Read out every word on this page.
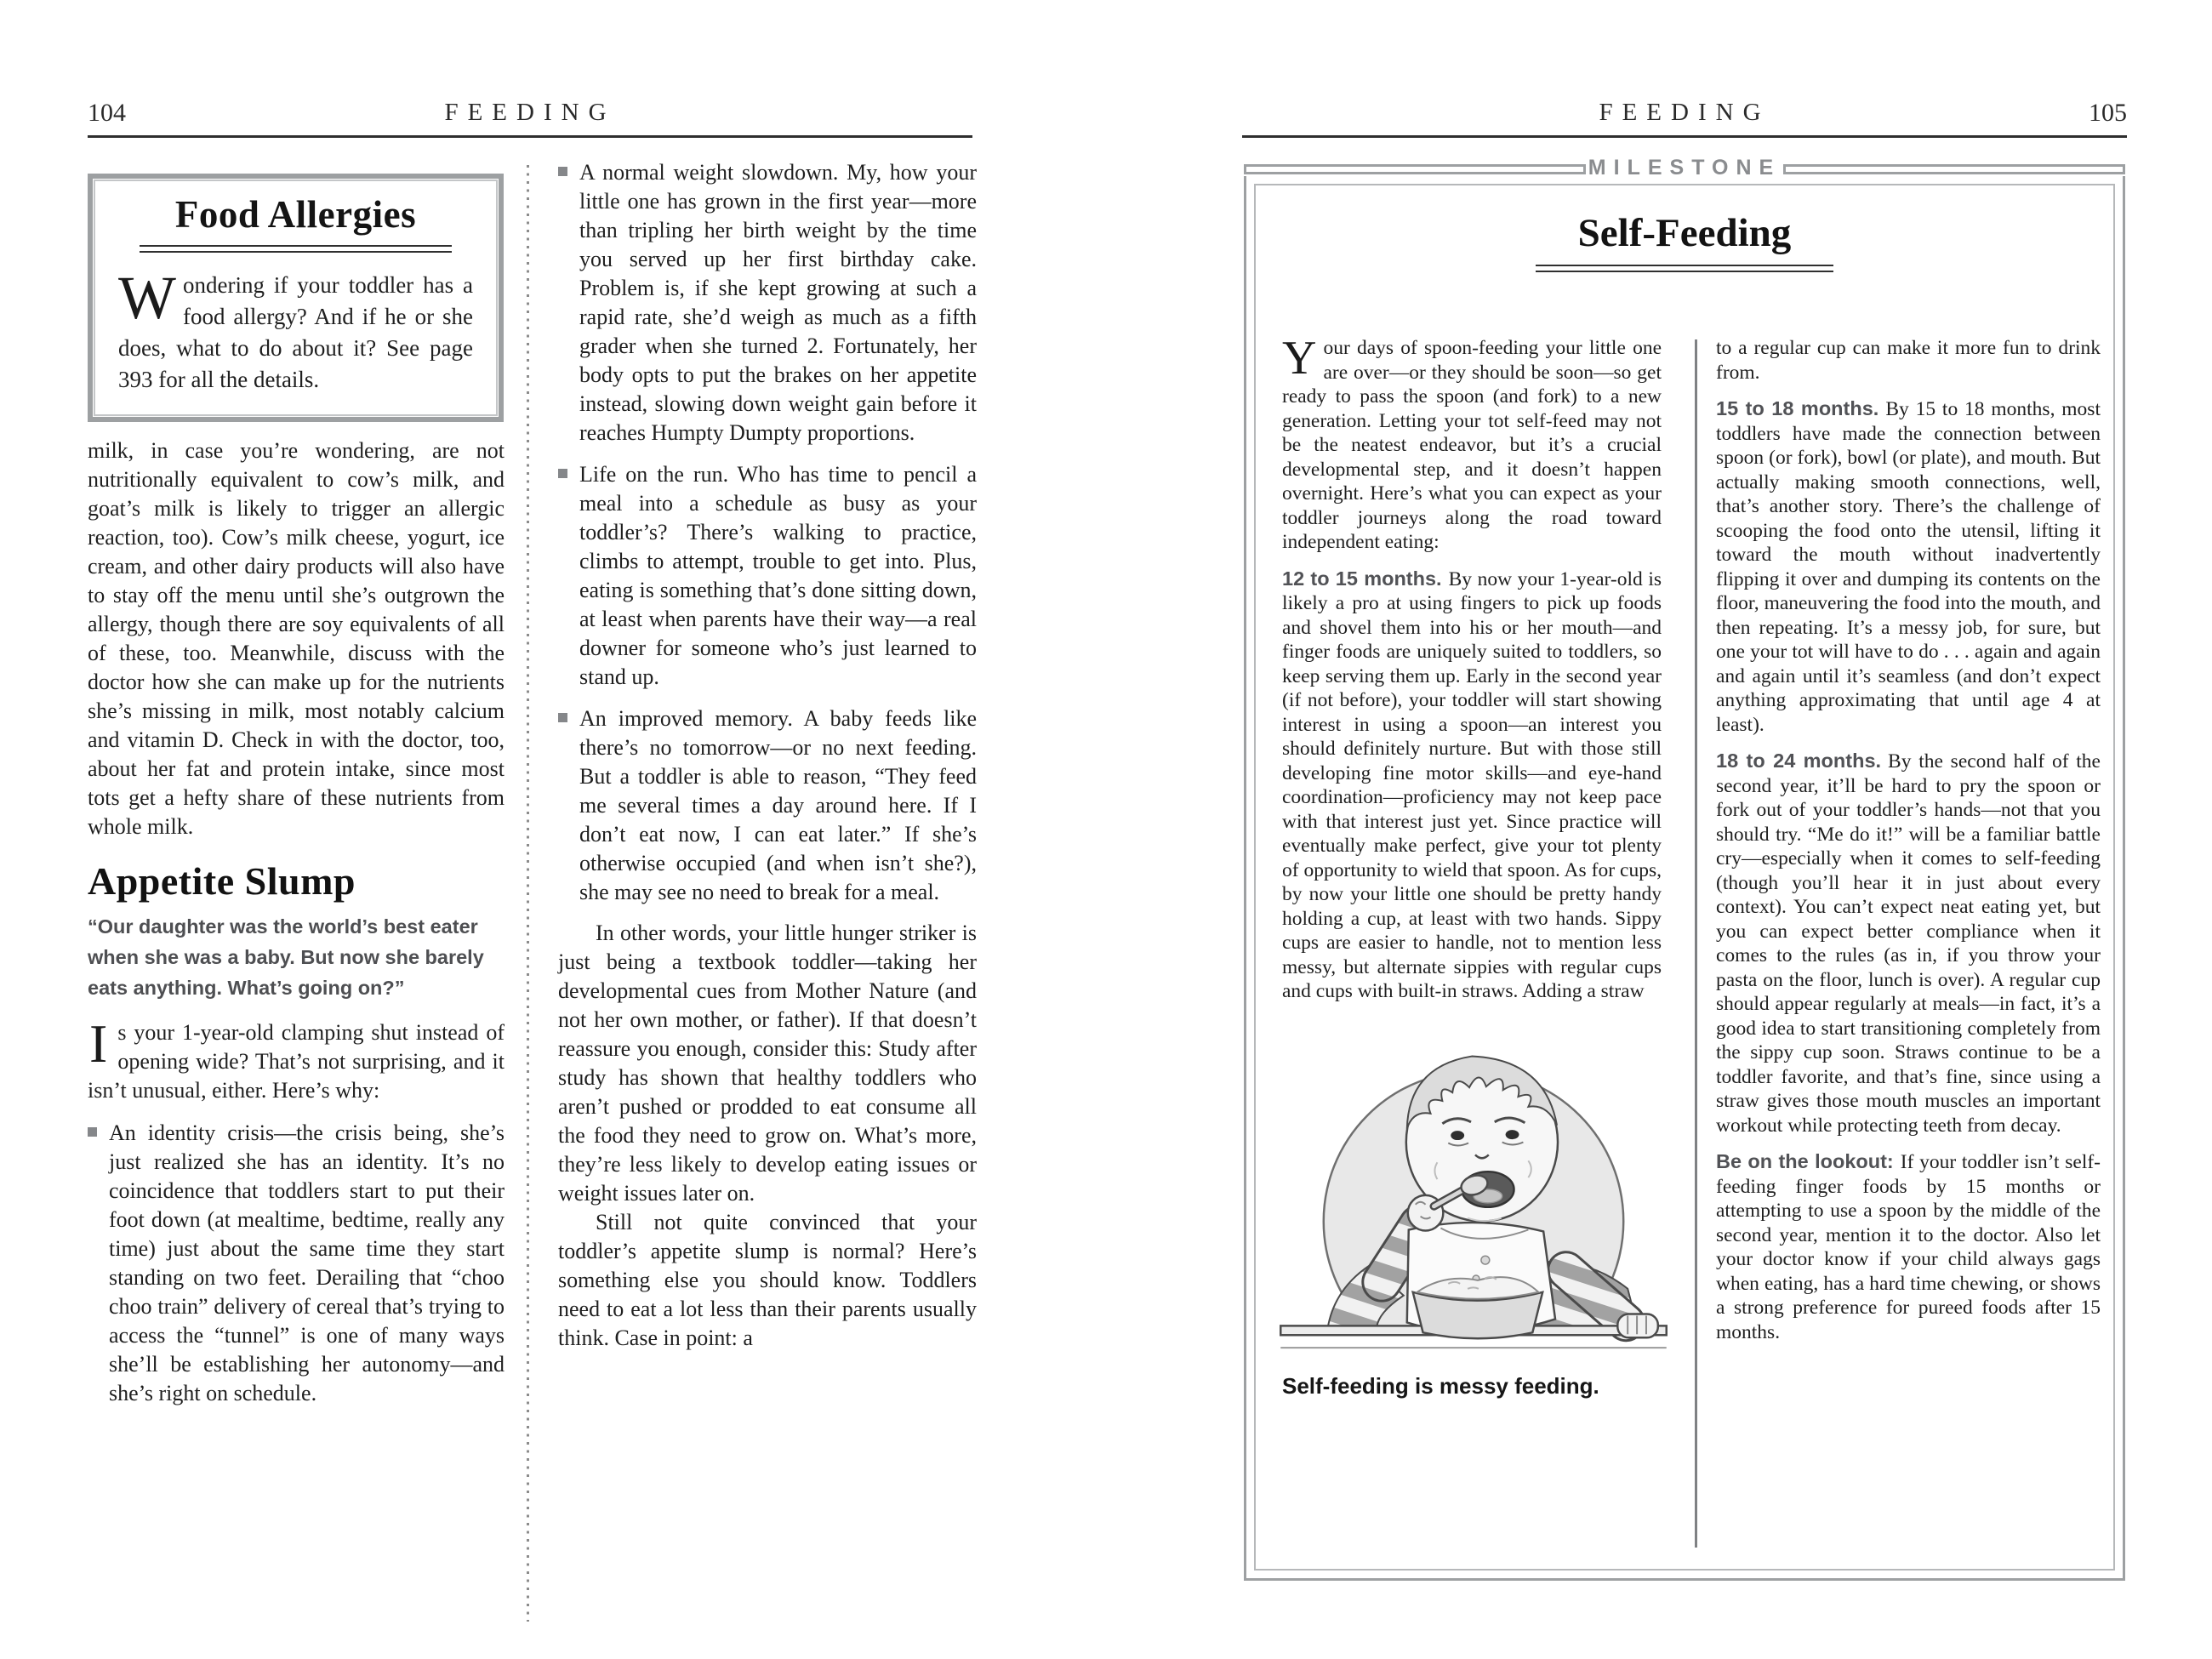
104	FEEDING
Food Allergies

Wondering if your toddler has a food allergy? And if he or she does, what to do about it? See page 393 for all the details.

milk, in case you’re wondering, are not nutritionally equivalent to cow’s milk, and goat’s milk is likely to trigger an allergic reaction, too). Cow’s milk cheese, yogurt, ice cream, and other dairy products will also have to stay off the menu until she’s outgrown the allergy, though there are soy equivalents of all of these, too. Meanwhile, discuss with the doctor how she can make up for the nutrients she’s missing in milk, most notably calcium and vitamin D. Check in with the doctor, too, about her fat and protein intake, since most tots get a hefty share of these nutrients from whole milk.

Appetite Slump

“Our daughter was the world’s best eater when she was a baby. But now she barely eats anything. What’s going on?”

Is your 1-year-old clamping shut instead of opening wide? That’s not surprising, and it isn’t unusual, either. Here’s why:

An identity crisis—the crisis being, she’s just realized she has an identity. It’s no coincidence that toddlers start to put their foot down (at mealtime, bedtime, really any time) just about the same time they start standing on two feet. Derailing that “choo choo train” delivery of cereal that’s trying to access the “tunnel” is one of many ways she’ll be establishing her autonomy—and she’s right on schedule.
A normal weight slowdown. My, how your little one has grown in the first year—more than tripling her birth weight by the time you served up her first birthday cake. Problem is, if she kept growing at such a rapid rate, she’d weigh as much as a fifth grader when she turned 2. Fortunately, her body opts to put the brakes on her appetite instead, slowing down weight gain before it reaches Humpty Dumpty proportions.
Life on the run. Who has time to pencil a meal into a schedule as busy as your toddler’s? There’s walking to practice, climbs to attempt, trouble to get into. Plus, eating is something that’s done sitting down, at least when parents have their way—a real downer for someone who’s just learned to stand up.
An improved memory. A baby feeds like there’s no tomorrow—or no next feeding. But a toddler is able to reason, “They feed me several times a day around here. If I don’t eat now, I can eat later.” If she’s otherwise occupied (and when isn’t she?), she may see no need to break for a meal.

In other words, your little hunger striker is just being a textbook toddler—taking her developmental cues from Mother Nature (and not her own mother, or father). If that doesn’t reassure you enough, consider this: Study after study has shown that healthy toddlers who aren’t pushed or prodded to eat consume all the food they need to grow on. What’s more, they’re less likely to develop eating issues or weight issues later on.

Still not quite convinced that your toddler’s appetite slump is normal? Here’s something else you should know. Toddlers need to eat a lot less than their parents usually think. Case in point: a

FEEDING	105
MILESTONE
Self-Feeding

Your days of spoon-feeding your little one are over—or they should be soon—so get ready to pass the spoon (and fork) to a new generation. Letting your tot self-feed may not be the neatest endeavor, but it’s a crucial developmental step, and it doesn’t happen overnight. Here’s what you can expect as your toddler journeys along the road toward independent eating:

12 to 15 months. By now your 1-year-old is likely a pro at using fingers to pick up foods and shovel them into his or her mouth—and finger foods are uniquely suited to toddlers, so keep serving them up. Early in the second year (if not before), your toddler will start showing interest in using a spoon—an interest you should definitely nurture. But with those still developing fine motor skills—and eye-hand coordination—proficiency may not keep pace with that interest just yet. Since practice will eventually make perfect, give your tot plenty of opportunity to wield that spoon. As for cups, by now your little one should be pretty handy holding a cup, at least with two hands. Sippy cups are easier to handle, not to mention less messy, but alternate sippies with regular cups and cups with built-in straws. Adding a straw

Self-feeding is messy feeding.

to a regular cup can make it more fun to drink from.

15 to 18 months. By 15 to 18 months, most toddlers have made the connection between spoon (or fork), bowl (or plate), and mouth. But actually making smooth connections, well, that’s another story. There’s the challenge of scooping the food onto the utensil, lifting it toward the mouth without inadvertently flipping it over and dumping its contents on the floor, maneuvering the food into the mouth, and then repeating. It’s a messy job, for sure, but one your tot will have to do . . . again and again and again until it’s seamless (and don’t expect anything approximating that until age 4 at least).

18 to 24 months. By the second half of the second year, it’ll be hard to pry the spoon or fork out of your toddler’s hands—not that you should try. “Me do it!” will be a familiar battle cry—especially when it comes to self-feeding (though you’ll hear it in just about every context). You can’t expect neat eating yet, but you can expect better compliance when it comes to the rules (as in, if you throw your pasta on the floor, lunch is over). A regular cup should appear regularly at meals—in fact, it’s a good idea to start transitioning completely from the sippy cup soon. Straws continue to be a toddler favorite, and that’s fine, since using a straw gives those mouth muscles an important workout while protecting teeth from decay.

Be on the lookout: If your toddler isn’t self-feeding finger foods by 15 months or attempting to use a spoon by the middle of the second year, mention it to the doctor. Also let your doctor know if your child always gags when eating, has a hard time chewing, or shows a strong preference for pureed foods after 15 months.
